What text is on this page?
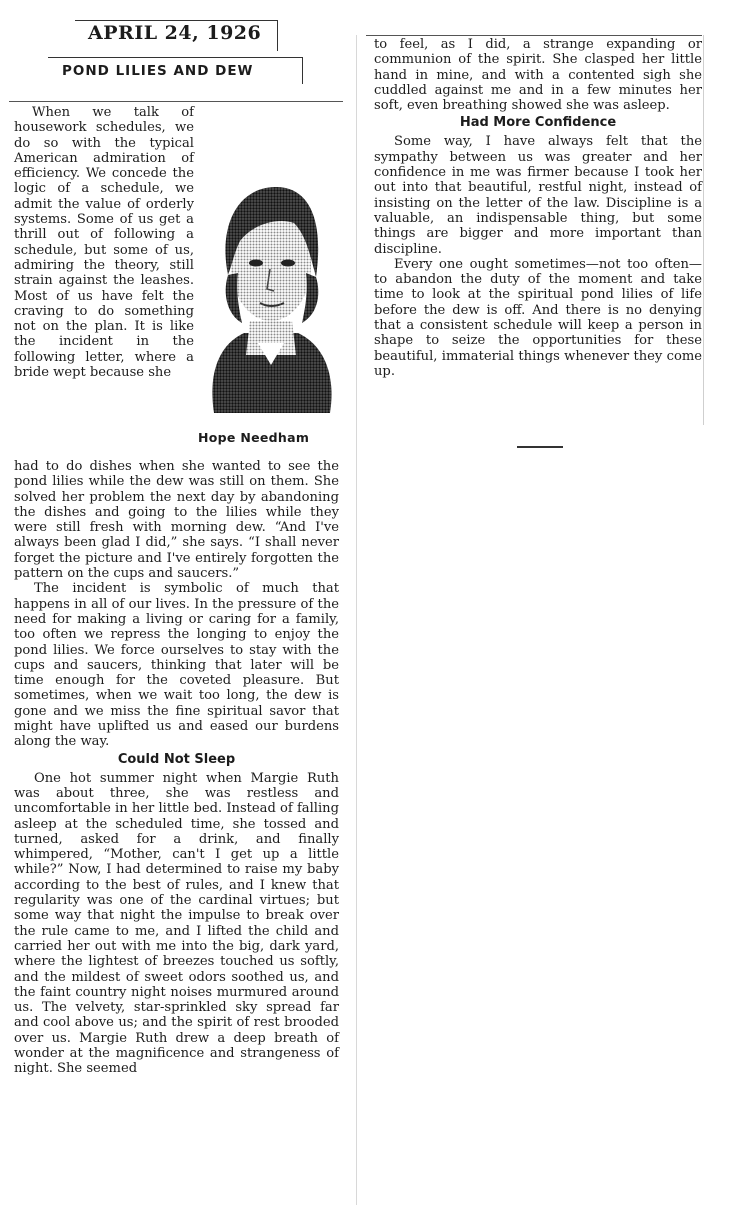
APRIL 24, 1926
POND LILIES AND DEW

When we talk of housework schedules, we do so with the typical American admiration of efficiency. We concede the logic of a schedule, we admit the value of orderly systems. Some of us get a thrill out of following a schedule, but some of us, admiring the theory, still strain against the leashes. Most of us have felt the craving to do something not on the plan. It is like the incident in the following letter, where a bride wept because she

Hope Needham

had to do dishes when she wanted to see the pond lilies while the dew was still on them. She solved her problem the next day by abandoning the dishes and going to the lilies while they were still fresh with morning dew. “And I've always been glad I did,” she says. “I shall never forget the picture and I've entirely forgotten the pattern on the cups and saucers.”

The incident is symbolic of much that happens in all of our lives. In the pressure of the need for making a living or caring for a family, too often we repress the longing to enjoy the pond lilies. We force ourselves to stay with the cups and saucers, thinking that later will be time enough for the coveted pleasure. But sometimes, when we wait too long, the dew is gone and we miss the fine spiritual savor that might have uplifted us and eased our burdens along the way.

Could Not Sleep

One hot summer night when Margie Ruth was about three, she was restless and uncomfortable in her little bed. Instead of falling asleep at the scheduled time, she tossed and turned, asked for a drink, and finally whimpered, “Mother, can't I get up a little while?” Now, I had determined to raise my baby according to the best of rules, and I knew that regularity was one of the cardinal virtues; but some way that night the impulse to break over the rule came to me, and I lifted the child and carried her out with me into the big, dark yard, where the lightest of breezes touched us softly, and the mildest of sweet odors soothed us, and the faint country night noises murmured around us. The velvety, star-sprinkled sky spread far and cool above us; and the spirit of rest brooded over us. Margie Ruth drew a deep breath of wonder at the magnificence and strangeness of night. She seemed

to feel, as I did, a strange expanding or communion of the spirit. She clasped her little hand in mine, and with a contented sigh she cuddled against me and in a few minutes her soft, even breathing showed she was asleep.

Had More Confidence

Some way, I have always felt that the sympathy between us was greater and her confidence in me was firmer because I took her out into that beautiful, restful night, instead of insisting on the letter of the law. Discipline is a valuable, an indispensable thing, but some things are bigger and more important than discipline.

Every one ought sometimes—not too often—to abandon the duty of the moment and take time to look at the spiritual pond lilies of life before the dew is off. And there is no denying that a consistent schedule will keep a person in shape to seize the opportunities for these beautiful, immaterial things whenever they come up.
